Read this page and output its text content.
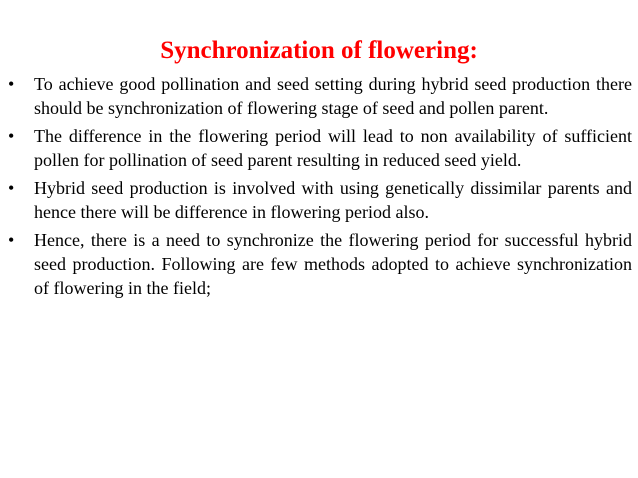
Synchronization of flowering:
•	To achieve good pollination and seed setting during hybrid seed production there should be synchronization of flowering stage of seed and pollen parent.
•	The difference in the flowering period will lead to non availability of sufficient pollen for pollination of seed parent resulting in reduced seed yield.
•	Hybrid seed production is involved with using genetically dissimilar parents and hence there will be difference in flowering period also.
•	Hence, there is a need to synchronize the flowering period for successful hybrid seed production. Following are few methods adopted to achieve synchronization of flowering in the field;
